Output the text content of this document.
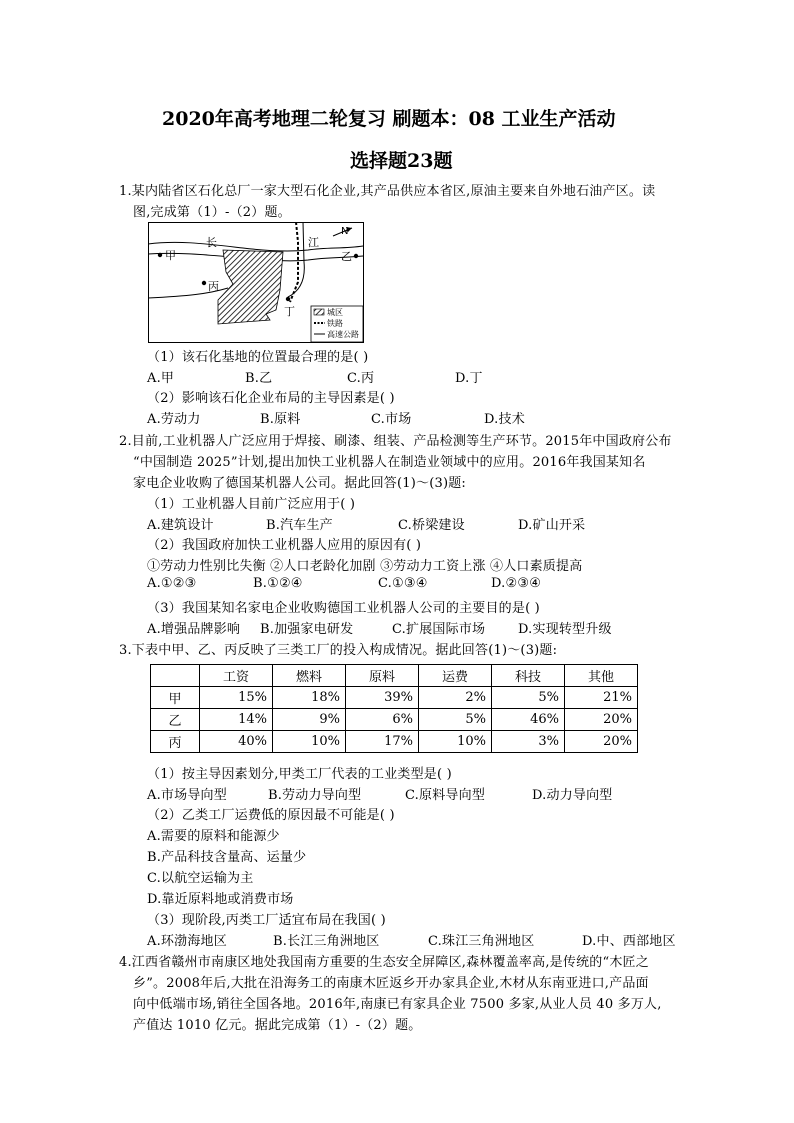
2020年高考地理二轮复习 刷题本：08 工业生产活动
选择题23题
1.某内陆省区石化总厂一家大型石化企业,其产品供应本省区,原油主要来自外地石油产区。读
图,完成第（1）-（2）题。
甲	乙
丙
丁
长	江
N
城区
铁路
高速公路
（1）该石化基地的位置最合理的是( )
A.甲	B.乙	C.丙	D.丁
（2）影响该石化企业布局的主导因素是( )
A.劳动力	B.原料	C.市场	D.技术
2.目前,工业机器人广泛应用于焊接、刷漆、组装、产品检测等生产环节。2015年中国政府公布
“中国制造 2025”计划,提出加快工业机器人在制造业领域中的应用。2016年我国某知名
家电企业收购了德国某机器人公司。据此回答(1)～(3)题:
（1）工业机器人目前广泛应用于( )
A.建筑设计	B.汽车生产	C.桥梁建设	D.矿山开采
（2）我国政府加快工业机器人应用的原因有( )
①劳动力性别比失衡 ②人口老龄化加剧 ③劳动力工资上涨 ④人口素质提高
A.①②③	B.①②④	C.①③④	D.②③④
（3）我国某知名家电企业收购德国工业机器人公司的主要目的是( )
A.增强品牌影响 B.加强家电研发	C.扩展国际市场	D.实现转型升级
3.下表中甲、乙、丙反映了三类工厂的投入构成情况。据此回答(1)～(3)题:
	工资	燃料	原料	运费	科技	其他
甲	15%	18%	39%	2%	5%	21%
乙	14%	9%	6%	5%	46%	20%
丙	40%	10%	17%	10%	3%	20%
（1）按主导因素划分,甲类工厂代表的工业类型是( )
A.市场导向型	B.劳动力导向型	C.原料导向型	D.动力导向型
（2）乙类工厂运费低的原因最不可能是( )
A.需要的原料和能源少
B.产品科技含量高、运量少
C.以航空运输为主
D.靠近原料地或消费市场
（3）现阶段,丙类工厂适宜布局在我国( )
A.环渤海地区	B.长江三角洲地区	C.珠江三角洲地区	D.中、西部地区
4.江西省赣州市南康区地处我国南方重要的生态安全屏障区,森林覆盖率高,是传统的“木匠之
乡”。2008年后,大批在沿海务工的南康木匠返乡开办家具企业,木材从东南亚进口,产品面
向中低端市场,销往全国各地。2016年,南康已有家具企业 7500 多家,从业人员 40 多万人,
产值达 1010 亿元。据此完成第（1）-（2）题。
